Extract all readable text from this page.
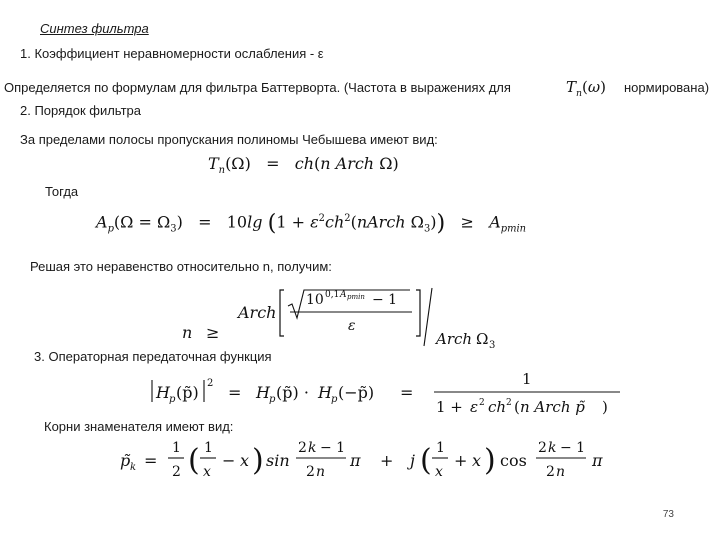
Синтез фильтра
1. Коэффициент неравномерности ослабления - ε
Определяется по формулам для фильтра Баттерворта. (Частота в выражениях для	$T_n(\omega)$ нормирована)
2. Порядок фильтра
За пределами полосы пропускания полиномы Чебышева имеют вид:
$T_n(\Omega) = ch(n$ Arch Ω)
Тогда
$A_p(\Omega = \Omega_3) = 10\lg$ ($1 + \varepsilon^2ch^2(nArch$ $\Omega_3)) \ge A_{pmin}$
Решая это неравенство относительно n, получим:
n ≥
Arch
10 0,1 A pmin − 1
ε
Arch Ω 3
3. Операторная передаточная функция
H p (p̃) 2 = H p (p̃) · H p (−p̃) =
1
1 + ε 2 ch 2 ( n Arch p̃ )
Корни знаменателя имеют вид:
p̃ k =
1
2 ( 1
x
− x ) sin
2 k − 1
2 n
π + j ( 1
x
+ x ) cos
2 k − 1
2 n
π
73
